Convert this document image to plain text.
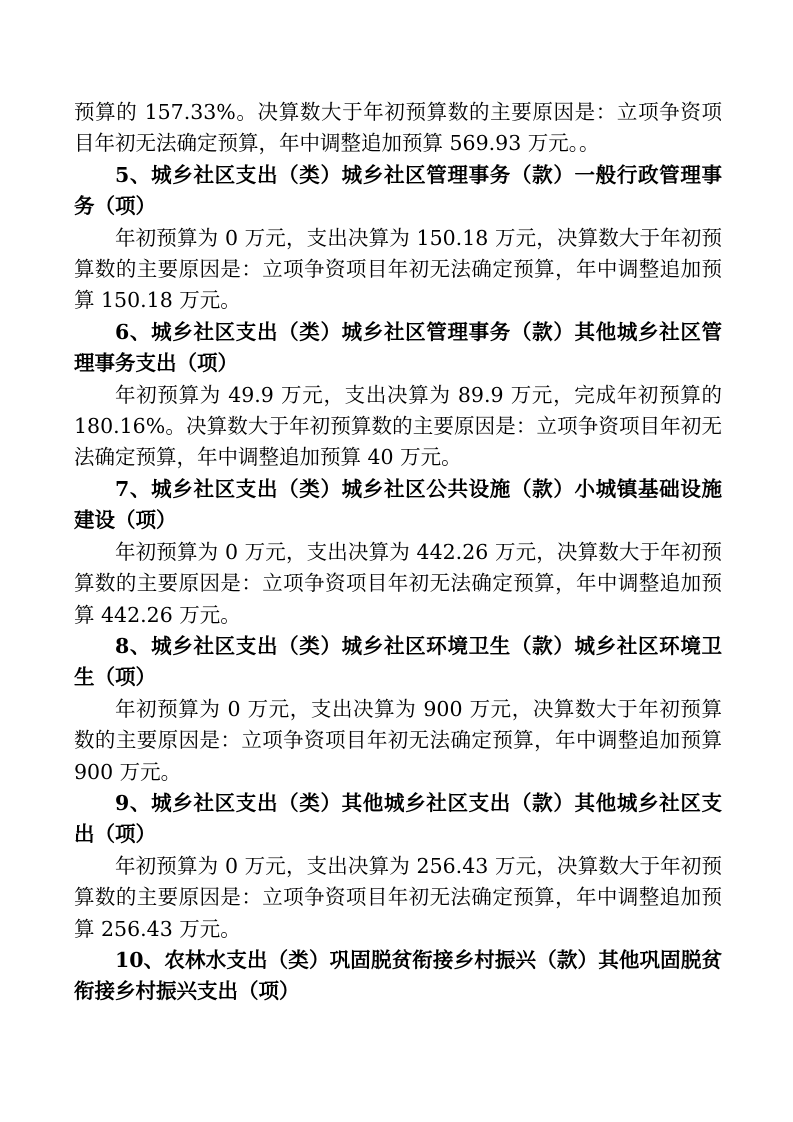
预算的 157.33%。决算数大于年初预算数的主要原因是：立项争资项目年初无法确定预算，年中调整追加预算 569.93 万元。。

5、城乡社区支出（类）城乡社区管理事务（款）一般行政管理事务（项）

年初预算为 0 万元，支出决算为 150.18 万元，决算数大于年初预算数的主要原因是：立项争资项目年初无法确定预算，年中调整追加预算 150.18 万元。

6、城乡社区支出（类）城乡社区管理事务（款）其他城乡社区管理事务支出（项）

年初预算为 49.9 万元，支出决算为 89.9 万元，完成年初预算的 180.16%。决算数大于年初预算数的主要原因是：立项争资项目年初无法确定预算，年中调整追加预算 40 万元。

7、城乡社区支出（类）城乡社区公共设施（款）小城镇基础设施建设（项）

年初预算为 0 万元，支出决算为 442.26 万元，决算数大于年初预算数的主要原因是：立项争资项目年初无法确定预算，年中调整追加预算 442.26 万元。

8、城乡社区支出（类）城乡社区环境卫生（款）城乡社区环境卫生（项）

年初预算为 0 万元，支出决算为 900 万元，决算数大于年初预算数的主要原因是：立项争资项目年初无法确定预算，年中调整追加预算 900 万元。

9、城乡社区支出（类）其他城乡社区支出（款）其他城乡社区支出（项）

年初预算为 0 万元，支出决算为 256.43 万元，决算数大于年初预算数的主要原因是：立项争资项目年初无法确定预算，年中调整追加预算 256.43 万元。

10、农林水支出（类）巩固脱贫衔接乡村振兴（款）其他巩固脱贫衔接乡村振兴支出（项）
